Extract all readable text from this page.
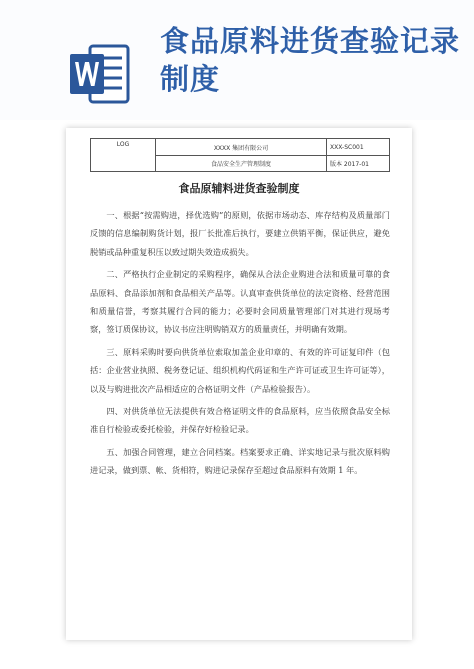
食品原料进货查验记录制度
LOG	XXXX 集团有限公司	XXX-SC001
	食品安全生产管理制度	版本 2017-01
食品原辅料进货查验制度

一、根据“按需购进，择优选购”的原则，依据市场动态、库存结构及质量部门反馈的信息编制购货计划，报厂长批准后执行，要建立供销平衡，保证供应，避免脱销或品种重复积压以致过期失效造成损失。

二、严格执行企业制定的采购程序，确保从合法企业购进合法和质量可靠的食品原料、食品添加剂和食品相关产品等。认真审查供货单位的法定资格、经营范围和质量信誉，考察其履行合同的能力；必要时会同质量管理部门对其进行现场考察，签订质保协议，协议书应注明购销双方的质量责任，并明确有效期。

三、原料采购时要向供货单位索取加盖企业印章的、有效的许可证复印件（包括：企业营业执照、税务登记证、组织机构代码证和生产许可证或卫生许可证等），以及与购进批次产品相适应的合格证明文件（产品检验报告）。

四、对供货单位无法提供有效合格证明文件的食品原料，应当依照食品安全标准自行检验或委托检验，并保存好检验记录。

五、加强合同管理，建立合同档案。档案要求正确、详实地记录与批次原料购进记录，做到票、帐、货相符，购进记录保存至超过食品原料有效期 1 年。
